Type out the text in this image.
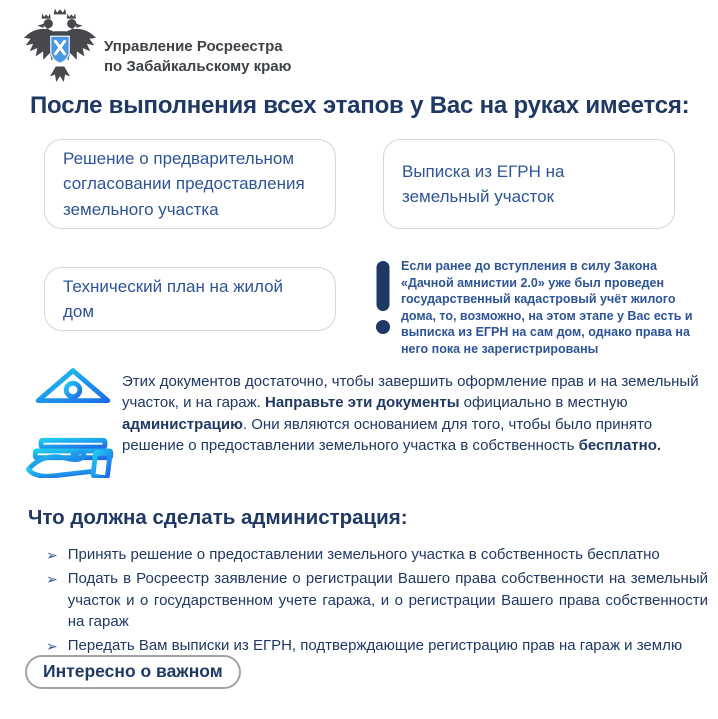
Управление Росреестра
по Забайкальскому краю
После выполнения всех этапов у Вас на руках имеется:
Решение о предварительном согласовании предоставления земельного участка
Выписка из ЕГРН на земельный участок
Технический план на жилой дом

Если ранее до вступления в силу Закона «Дачной амнистии 2.0» уже был проведен государственный кадастровый учёт жилого дома, то, возможно, на этом этапе у Вас есть и выписка из ЕГРН на сам дом, однако права на него пока не зарегистрированы

Этих документов достаточно, чтобы завершить оформление прав и на земельный участок, и на гараж. Направьте эти документы официально в местную администрацию. Они являются основанием для того, чтобы было принято решение о предоставлении земельного участка в собственность бесплатно.

Что должна сделать администрация:
➢ Принять решение о предоставлении земельного участка в собственность бесплатно
➢ Подать в Росреестр заявление о регистрации Вашего права собственности на земельный участок и о государственном учете гаража, и о регистрации Вашего права собственности на гараж
➢ Передать Вам выписки из ЕГРН, подтверждающие регистрацию прав на гараж и землю
Интересно о важном
